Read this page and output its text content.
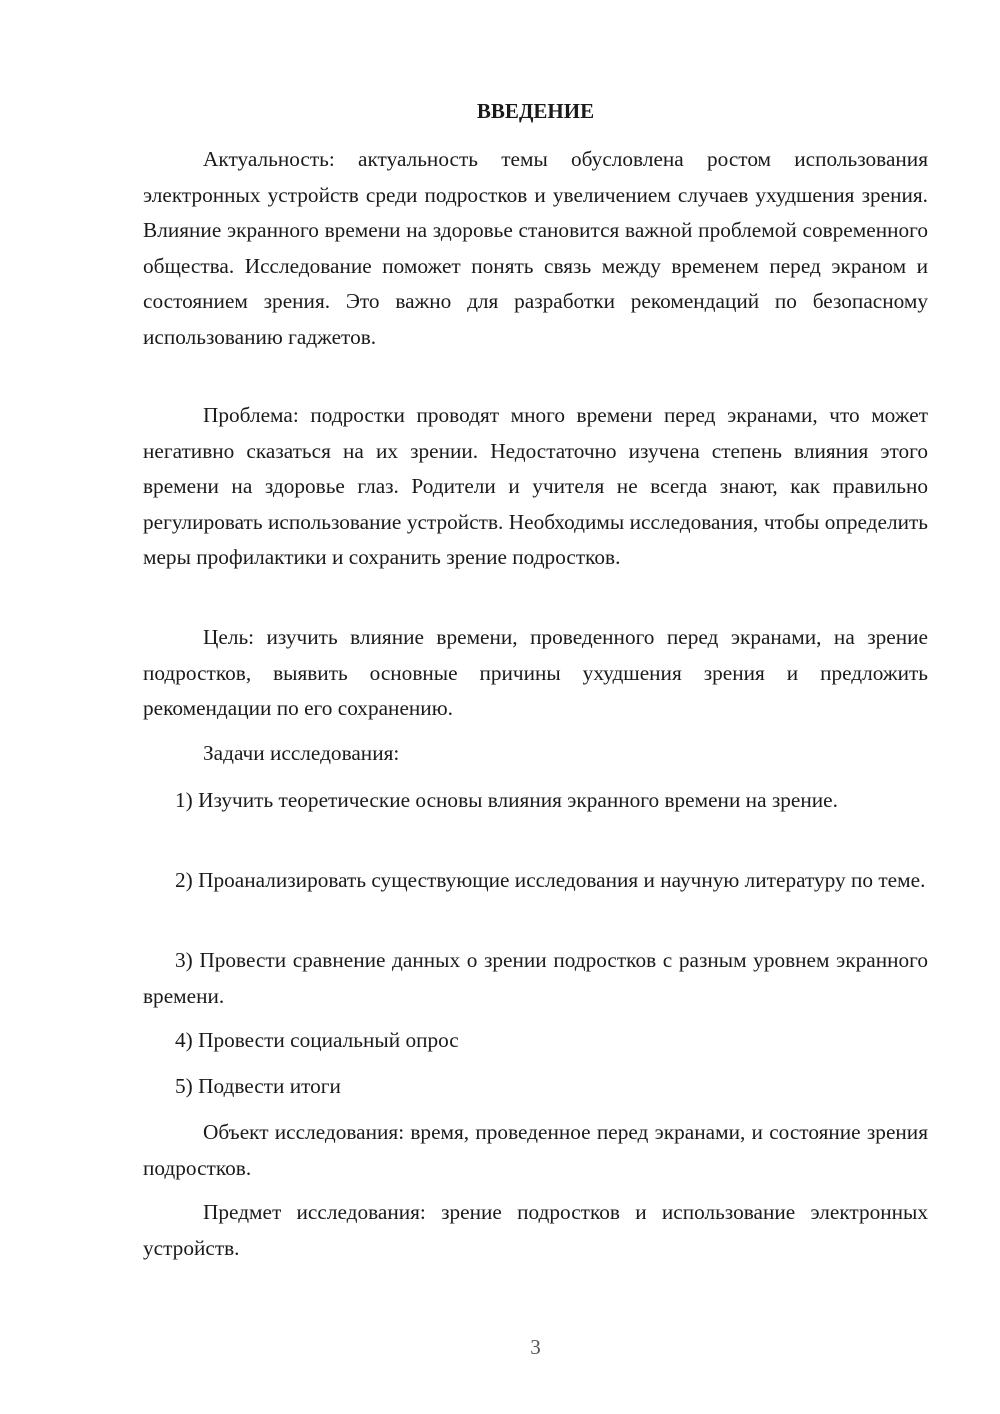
ВВЕДЕНИЕ

Актуальность: актуальность темы обусловлена ростом использования электронных устройств среди подростков и увеличением случаев ухудшения зрения. Влияние экранного времени на здоровье становится важной проблемой современного общества. Исследование поможет понять связь между временем перед экраном и состоянием зрения. Это важно для разработки рекомендаций по безопасному использованию гаджетов.

Проблема: подростки проводят много времени перед экранами, что может негативно сказаться на их зрении. Недостаточно изучена степень влияния этого времени на здоровье глаз. Родители и учителя не всегда знают, как правильно регулировать использование устройств. Необходимы исследования, чтобы определить меры профилактики и сохранить зрение подростков.

Цель: изучить влияние времени, проведенного перед экранами, на зрение подростков, выявить основные причины ухудшения зрения и предложить рекомендации по его сохранению.

Задачи исследования:

1) Изучить теоретические основы влияния экранного времени на зрение.

2) Проанализировать существующие исследования и научную литературу по теме.

3) Провести сравнение данных о зрении подростков с разным уровнем экранного времени.

4) Провести социальный опрос

5) Подвести итоги

Объект исследования: время, проведенное перед экранами, и состояние зрения подростков.

Предмет исследования: зрение подростков и использование электронных устройств.

3
